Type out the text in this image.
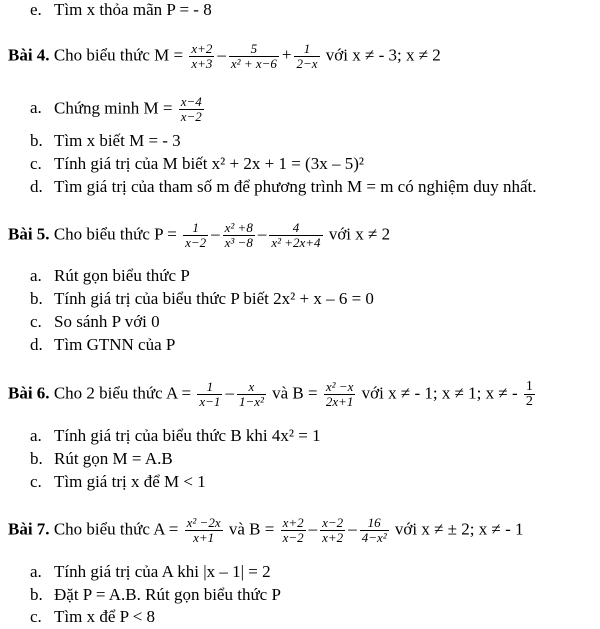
e. Tìm x thỏa mãn P = - 8
Bài 4. Cho biểu thức $M = \frac{x+2}{x+3} - \frac{5}{\text{x² + x−6}} + \frac{1}{2-x}$ với x ≠ - 3; x ≠ 2
a. Chứng minh $M = \frac{x-4}{x-2}$
b. Tìm x biết M = - 3
c. Tính giá trị của M biết x² + 2x + 1 = (3x – 5)²
d. Tìm giá trị của tham số m để phương trình M = m có nghiệm duy nhất.
Bài 5. Cho biểu thức $P = \frac{1}{x-2} - \frac{\text{x² +8}}{\text{x³ −8}} - \frac{4}{\text{x² +2x+4}}$ với x ≠ 2
a. Rút gọn biểu thức P
b. Tính giá trị của biểu thức P biết 2x² + x – 6 = 0
c. So sánh P với 0
d. Tìm GTNN của P
Bài 6. Cho 2 biểu thức $A = \frac{1}{x-1} - \frac{x}{\text{1−x²}}$ và $B = \frac{\text{x² −x}}{2x+1}$ với x ≠ - 1; x ≠ 1; x ≠ - $\frac{1}{2}$
a. Tính giá trị của biểu thức B khi 4x² = 1
b. Rút gọn M = A.B
c. Tìm giá trị x để M < 1
Bài 7. Cho biểu thức $A = \frac{\text{x² −2x}}{x+1}$ và $B = \frac{x+2}{x-2} - \frac{x-2}{x+2} - \frac{16}{\text{4−x²}}$ với x ≠ ± 2; x ≠ - 1
a. Tính giá trị của A khi |x – 1| = 2
b. Đặt P = A.B. Rút gọn biểu thức P
c. Tìm x để P < 8
